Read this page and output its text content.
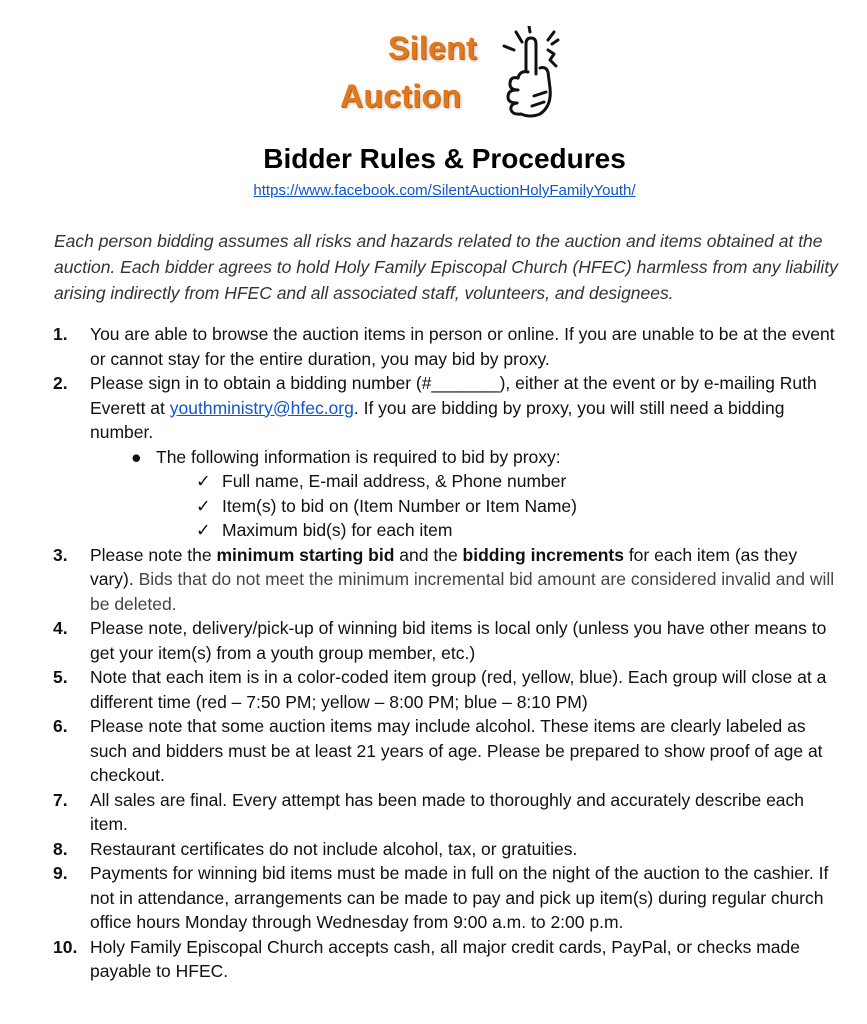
Silent
Auction
Bidder Rules & Procedures
https://www.facebook.com/SilentAuctionHolyFamilyYouth/
Each person bidding assumes all risks and hazards related to the auction and items obtained at the auction. Each bidder agrees to hold Holy Family Episcopal Church (HFEC) harmless from any liability arising indirectly from HFEC and all associated staff, volunteers, and designees.
1. You are able to browse the auction items in person or online. If you are unable to be at the event or cannot stay for the entire duration, you may bid by proxy.
2. Please sign in to obtain a bidding number (#_______), either at the event or by e-mailing Ruth Everett at youthministry@hfec.org. If you are bidding by proxy, you will still need a bidding number.
● The following information is required to bid by proxy:
✓ Full name, E-mail address, & Phone number
✓ Item(s) to bid on (Item Number or Item Name)
✓ Maximum bid(s) for each item
3. Please note the minimum starting bid and the bidding increments for each item (as they vary). Bids that do not meet the minimum incremental bid amount are considered invalid and will be deleted.
4. Please note, delivery/pick-up of winning bid items is local only (unless you have other means to get your item(s) from a youth group member, etc.)
5. Note that each item is in a color-coded item group (red, yellow, blue). Each group will close at a different time (red – 7:50 PM; yellow – 8:00 PM; blue – 8:10 PM)
6. Please note that some auction items may include alcohol. These items are clearly labeled as such and bidders must be at least 21 years of age. Please be prepared to show proof of age at checkout.
7. All sales are final. Every attempt has been made to thoroughly and accurately describe each item.
8. Restaurant certificates do not include alcohol, tax, or gratuities.
9. Payments for winning bid items must be made in full on the night of the auction to the cashier. If not in attendance, arrangements can be made to pay and pick up item(s) during regular church office hours Monday through Wednesday from 9:00 a.m. to 2:00 p.m.
10. Holy Family Episcopal Church accepts cash, all major credit cards, PayPal, or checks made payable to HFEC.
